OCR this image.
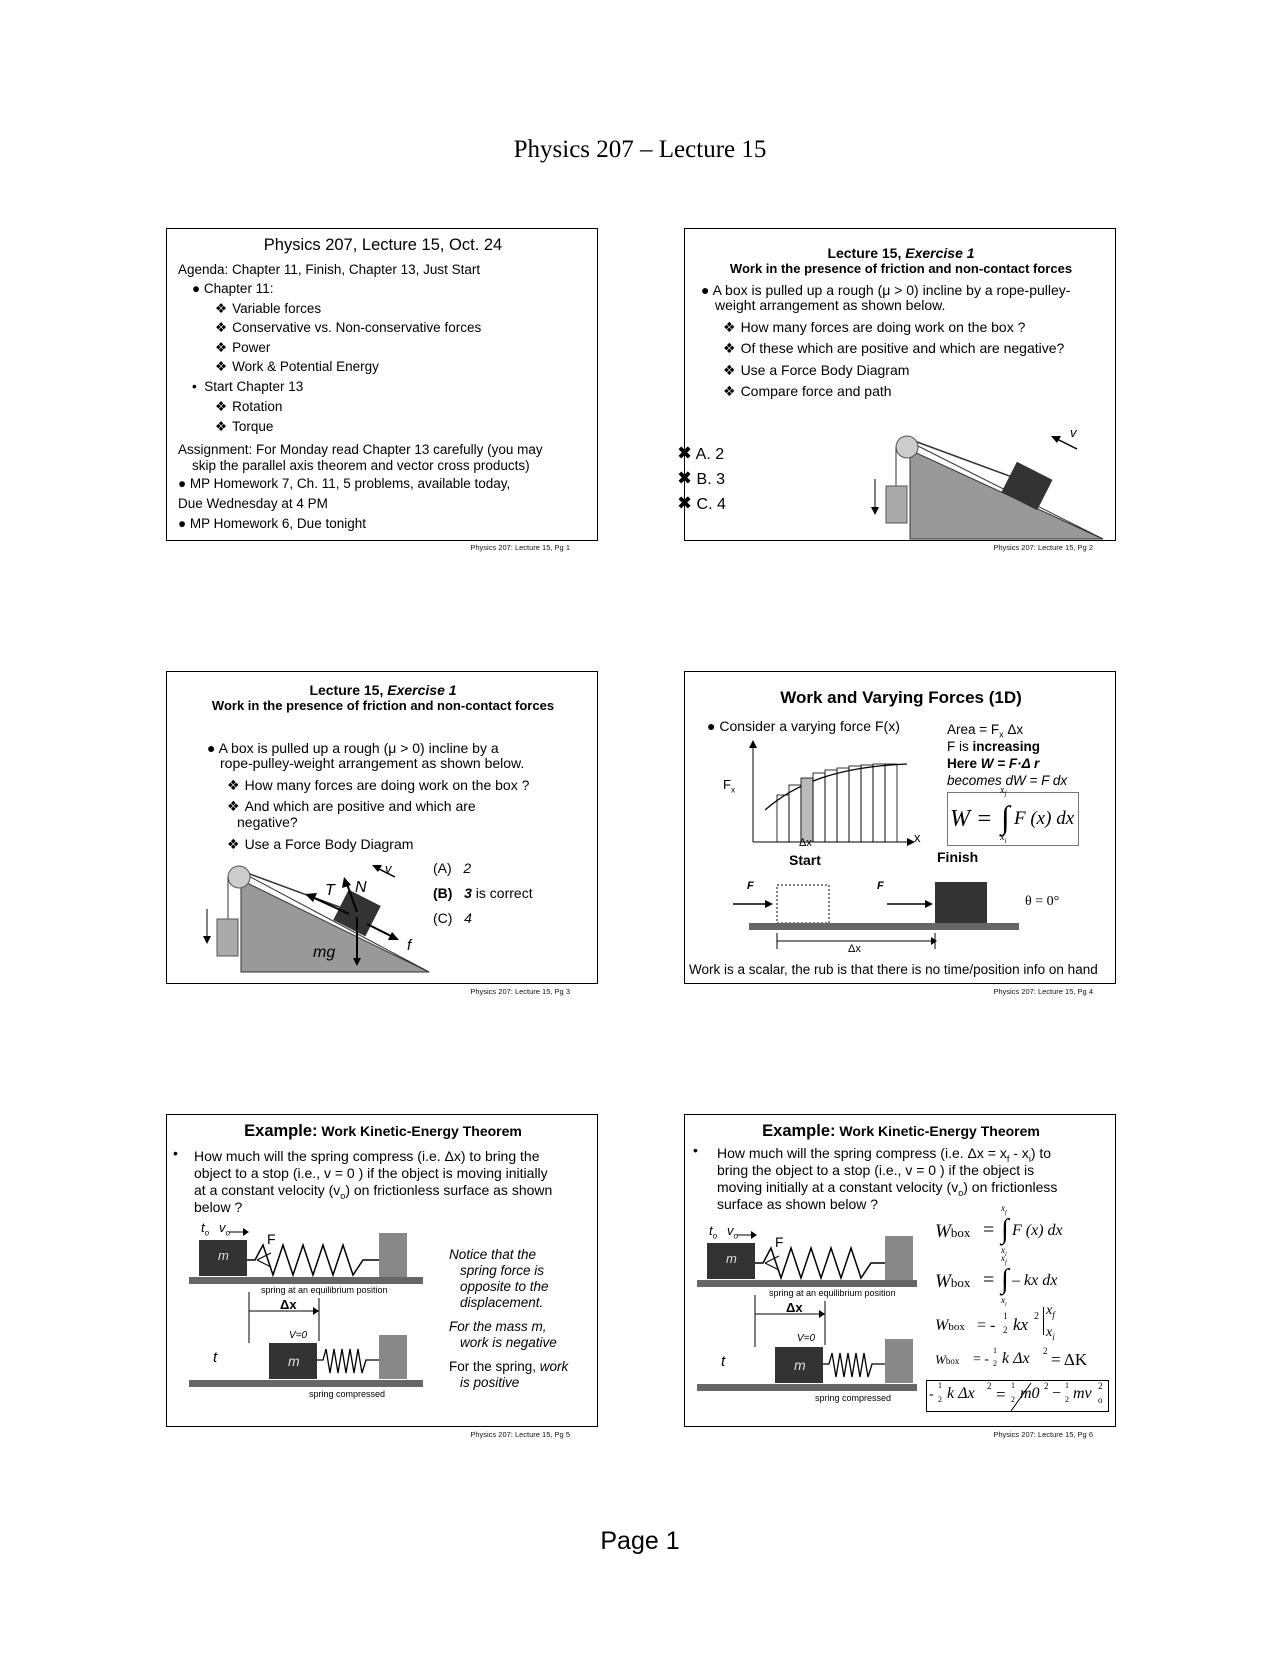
Physics 207 – Lecture 15
Physics 207, Lecture 15, Oct. 24
Agenda: Chapter 11, Finish, Chapter 13, Just Start
● Chapter 11:
❖ Variable forces
❖ Conservative vs. Non-conservative forces
❖ Power
❖ Work & Potential Energy
•  Start Chapter 13
❖ Rotation
❖ Torque
Assignment: For Monday read Chapter 13 carefully (you may
skip the parallel axis theorem and vector cross products)
● MP Homework 7, Ch. 11, 5 problems, available today,
Due Wednesday at 4 PM
● MP Homework 6, Due tonight
Physics 207: Lecture 15, Pg 1
Lecture 15, Exercise 1
Work in the presence of friction and non-contact forces
● A box is pulled up a rough (μ > 0) incline by a rope-pulley-
weight arrangement as shown below.
❖ How many forces are doing work on the box ?
❖ Of these which are positive and which are negative?
❖ Use a Force Body Diagram
❖ Compare force and path
✖ A. 2
✖ B. 3
✖ C. 4
v
Physics 207: Lecture 15, Pg 2
Lecture 15, Exercise 1
Work in the presence of friction and non-contact forces
● A box is pulled up a rough (μ > 0) incline by a
rope-pulley-weight arrangement as shown below.
❖ How many forces are doing work on the box ?
❖ And which are positive and which are
negative?
❖ Use a Force Body Diagram
(A) 2
(B) 3 is correct
(C) 4
v
T N
mg	f
Physics 207: Lecture 15, Pg 3
Work and Varying Forces (1D)
● Consider a varying force F(x)	Area = $F_x$ Δx
F is increasing
Here W = F·Δ r
becomes dW = F dx
W = ∫ F (x) dx
$x_f$
$x_i$
$F_x$
x
Δx
Start	Finish
F	F
θ = 0°
Δx
Work is a scalar, the rub is that there is no time/position info on hand
Physics 207: Lecture 15, Pg 4
Example: Work Kinetic-Energy Theorem
• How much will the spring compress (i.e. Δx) to bring the
object to a stop (i.e., v = 0 ) if the object is moving initially
at a constant velocity $(v_o)$ on frictionless surface as shown
below ?
$t_o$ $v_o$	F
m
spring at an equilibrium position
Δx
V=0
t	m
spring compressed
Notice that the
spring force is
opposite to the
displacement.
For the mass m,
work is negative
For the spring, work
is positive
Physics 207: Lecture 15, Pg 5
Example: Work Kinetic-Energy Theorem
• How much will the spring compress (i.e. $\Delta x = x_f - x_i$) to
bring the object to a stop (i.e., v = 0 ) if the object is
moving initially at a constant velocity $(v_o)$ on frictionless
surface as shown below ?
$t_o$ $v_o$	F
m
spring at an equilibrium position
Δx
V=0
t	m
spring compressed
Wbox = ∫ F (x) dx
$x_f$
$x_i$
Wbox = ∫ – kx dx
$x_f$
$x_i$
Wbox = -
1
2 kx 2 $x_f$
$x_i$
Wbox = -
1
2 k Δx 2 = ΔK
-
1
2 k Δx 2 = 1
2 m0 2 − 1
2 mv 2
o
Physics 207: Lecture 15, Pg 6
Page 1
